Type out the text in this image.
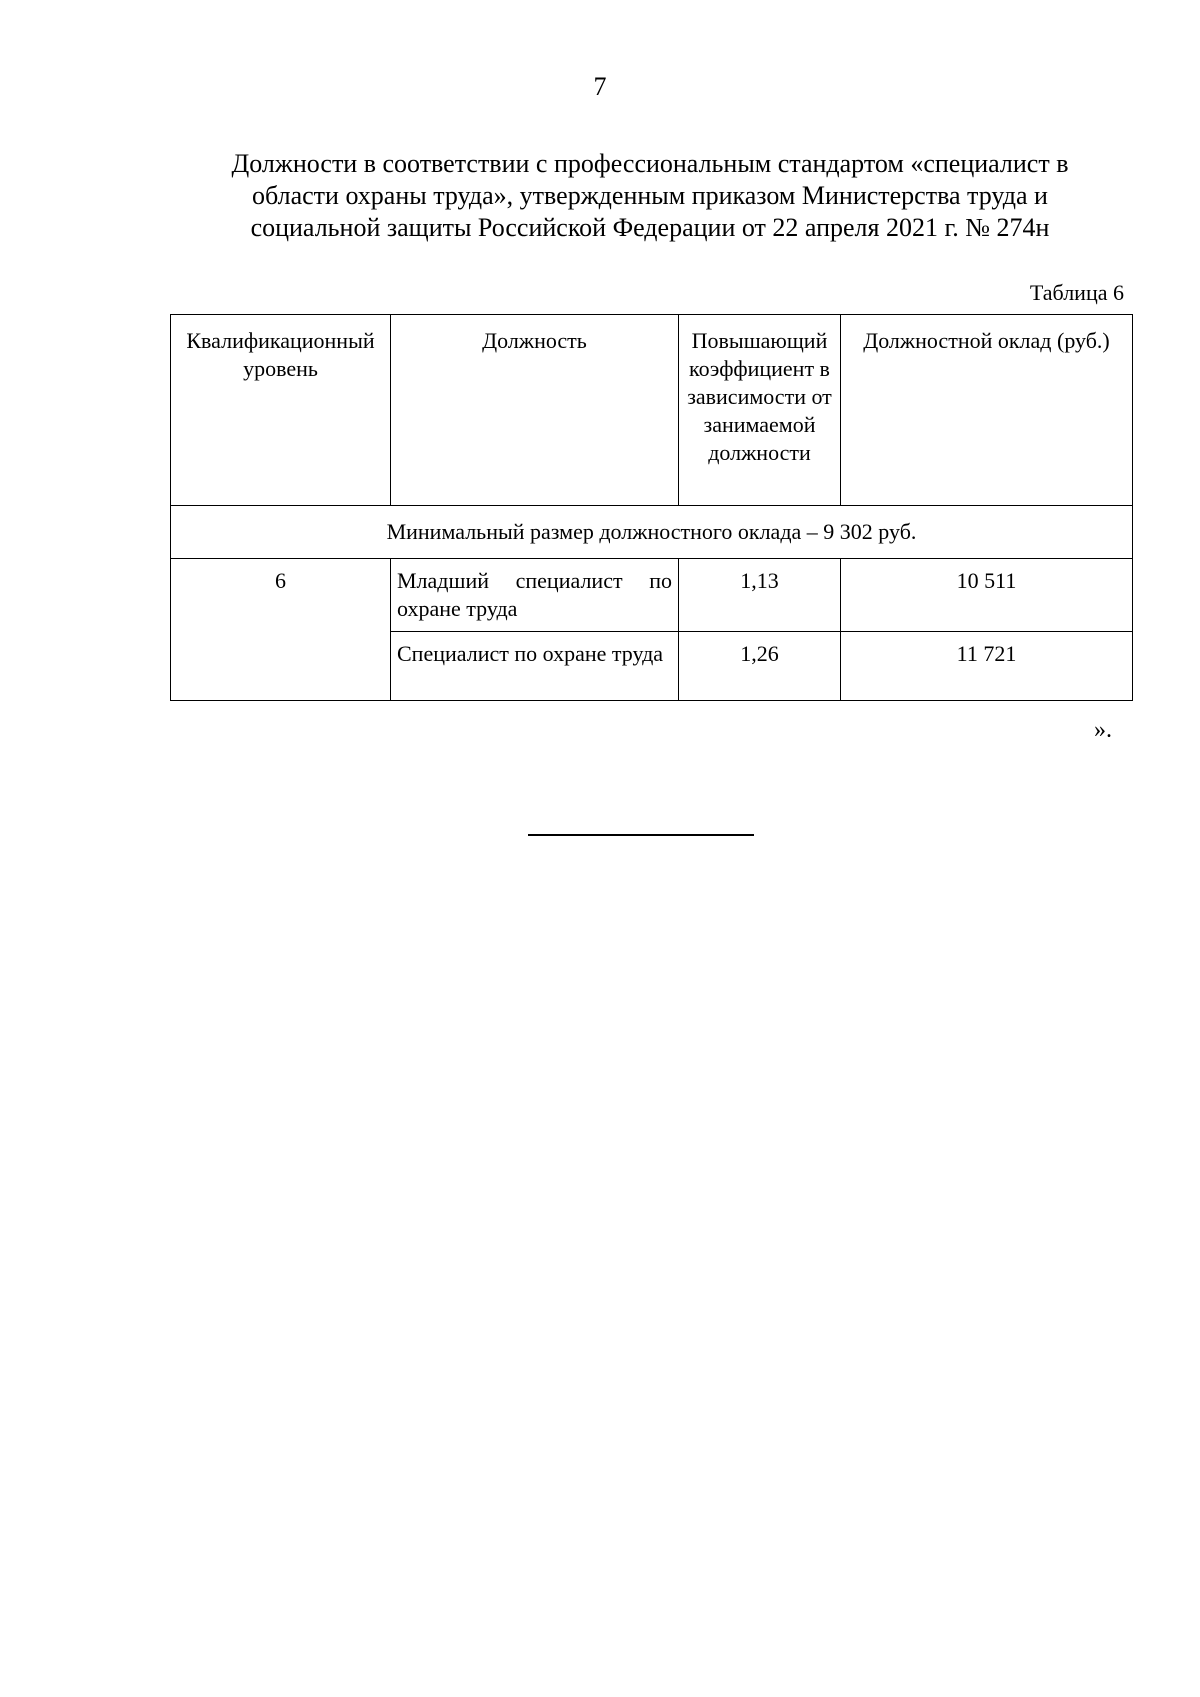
7
Должности в соответствии с профессиональным стандартом «специалист в
области охраны труда», утвержденным приказом Министерства труда и
социальной защиты Российской Федерации от 22 апреля 2021 г. № 274н
Таблица 6
Квалификационный уровень	Должность	Повышающий коэффициент в зависимости от занимаемой должности	Должностной оклад (руб.)
Минимальный размер должностного оклада – 9 302 руб.			
6	Младший специалист по охране труда	1,13	10 511
	Специалист по охране труда	1,26	11 721
».
